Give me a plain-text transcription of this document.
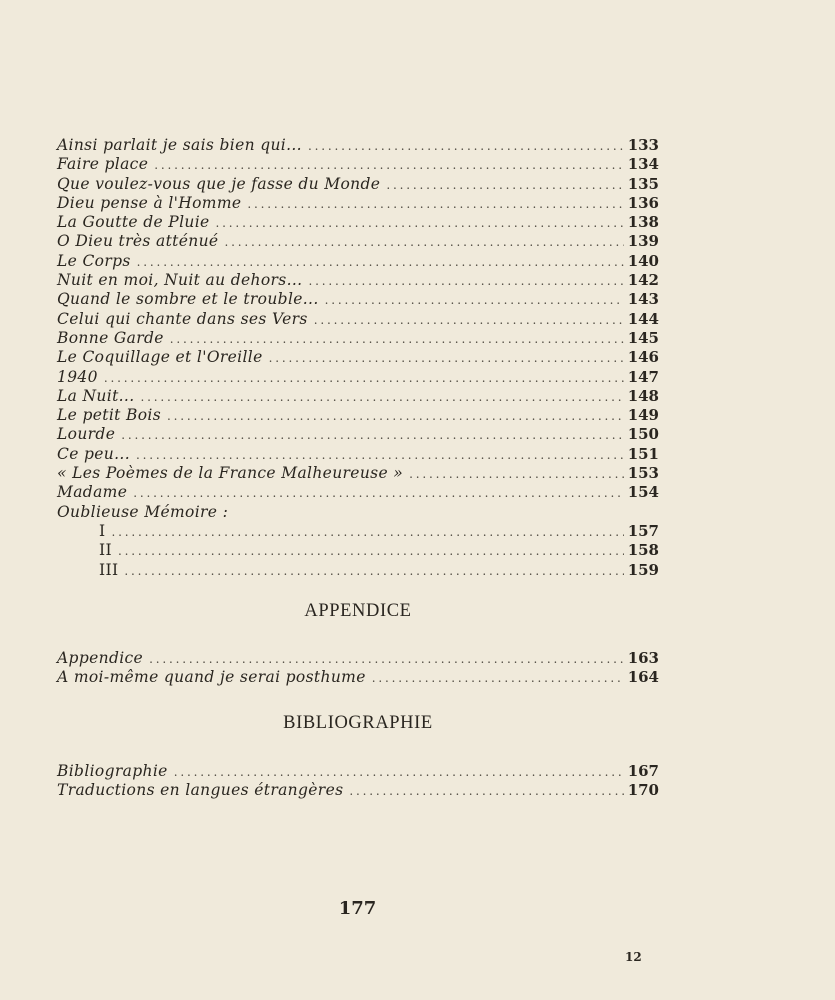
Ainsi parlait je sais bien qui... . . .	133
Faire place . . .	134
Que voulez-vous que je fasse du Monde . . .	135
Dieu pense à l'Homme . . .	136
La Goutte de Pluie . . .	138
O Dieu très atténué . . .	139
Le Corps . . .	140
Nuit en moi, Nuit au dehors... . . .	142
Quand le sombre et le trouble... . . .	143
Celui qui chante dans ses Vers . . .	144
Bonne Garde . . .	145
Le Coquillage et l'Oreille . . .	146
1940 . . .	147
La Nuit... . . .	148
Le petit Bois . . .	149
Lourde . . .	150
Ce peu... . . .	151
« Les Poèmes de la France Malheureuse » . . .	153
Madame . . .	154
Oublieuse Mémoire :
I . . .	157
II . . .	158
III . . .	159
APPENDICE
Appendice . . .	163
A moi-même quand je serai posthume . . .	164
BIBLIOGRAPHIE
Bibliographie . . .	167
Traductions en langues étrangères . . .	170
177
12
